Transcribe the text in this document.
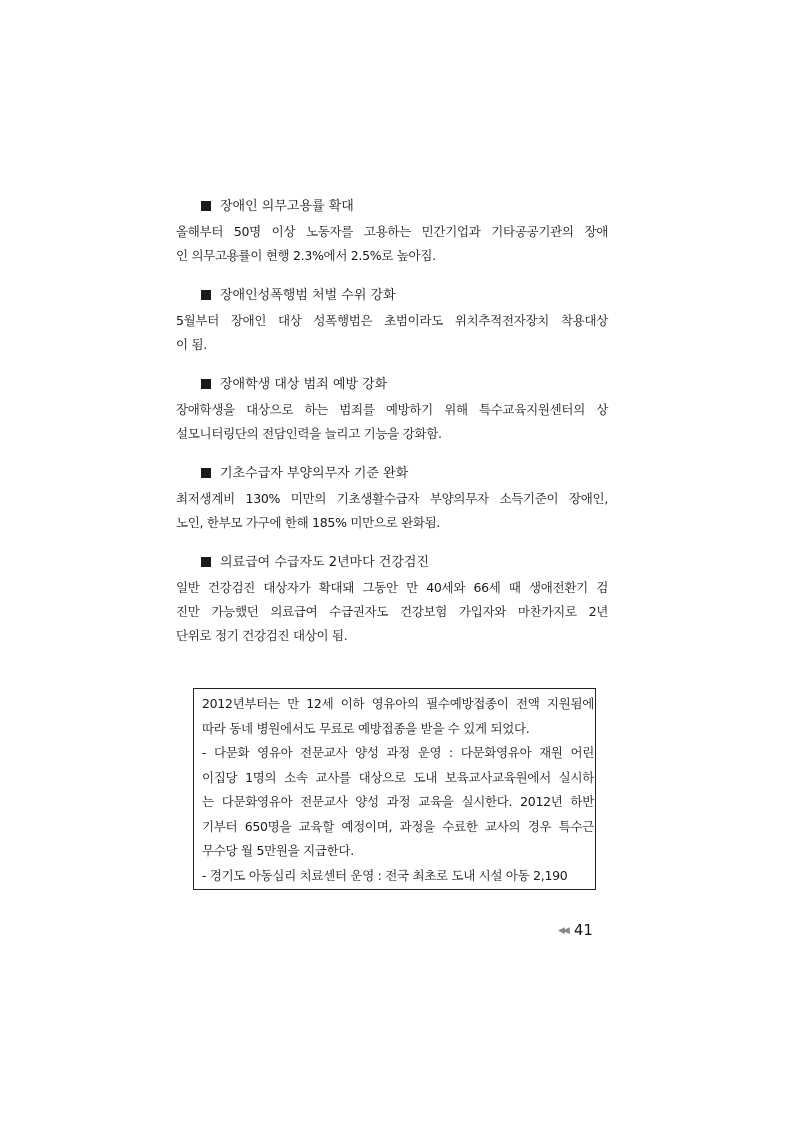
장애인 의무고용률 확대
올해부터 50명 이상 노동자를 고용하는 민간기업과 기타공공기관의 장애
인 의무고용률이 현행 2.3%에서 2.5%로 높아짐.
장애인성폭행범 처벌 수위 강화
5월부터 장애인 대상 성폭행범은 초범이라도 위치추적전자장치 착용대상
이 됨.
장애학생 대상 범죄 예방 강화
장애학생을 대상으로 하는 범죄를 예방하기 위해 특수교육지원센터의 상
설모니터링단의 전담인력을 늘리고 기능을 강화함.
기초수급자 부양의무자 기준 완화
최저생계비 130% 미만의 기초생활수급자 부양의무자 소득기준이 장애인,
노인, 한부모 가구에 한해 185% 미만으로 완화됨.
의료급여 수급자도 2년마다 건강검진
일반 건강검진 대상자가 확대돼 그동안 만 40세와 66세 때 생애전환기 검
진만 가능했던 의료급여 수급권자도 건강보험 가입자와 마찬가지로 2년
단위로 정기 건강검진 대상이 됨.
2012년부터는 만 12세 이하 영유아의 필수예방접종이 전액 지원됨에
따라 동네 병원에서도 무료로 예방접종을 받을 수 있게 되었다.
- 다문화 영유아 전문교사 양성 과정 운영 : 다문화영유아 재원 어린
이집당 1명의 소속 교사를 대상으로 도내 보육교사교육원에서 실시하
는 다문화영유아 전문교사 양성 과정 교육을 실시한다. 2012년 하반
기부터 650명을 교육할 예정이며, 과정을 수료한 교사의 경우 특수근
무수당 월 5만원을 지급한다.
- 경기도 아동심리 치료센터 운영 : 전국 최초로 도내 시설 아동 2,190
◀◀ 41
